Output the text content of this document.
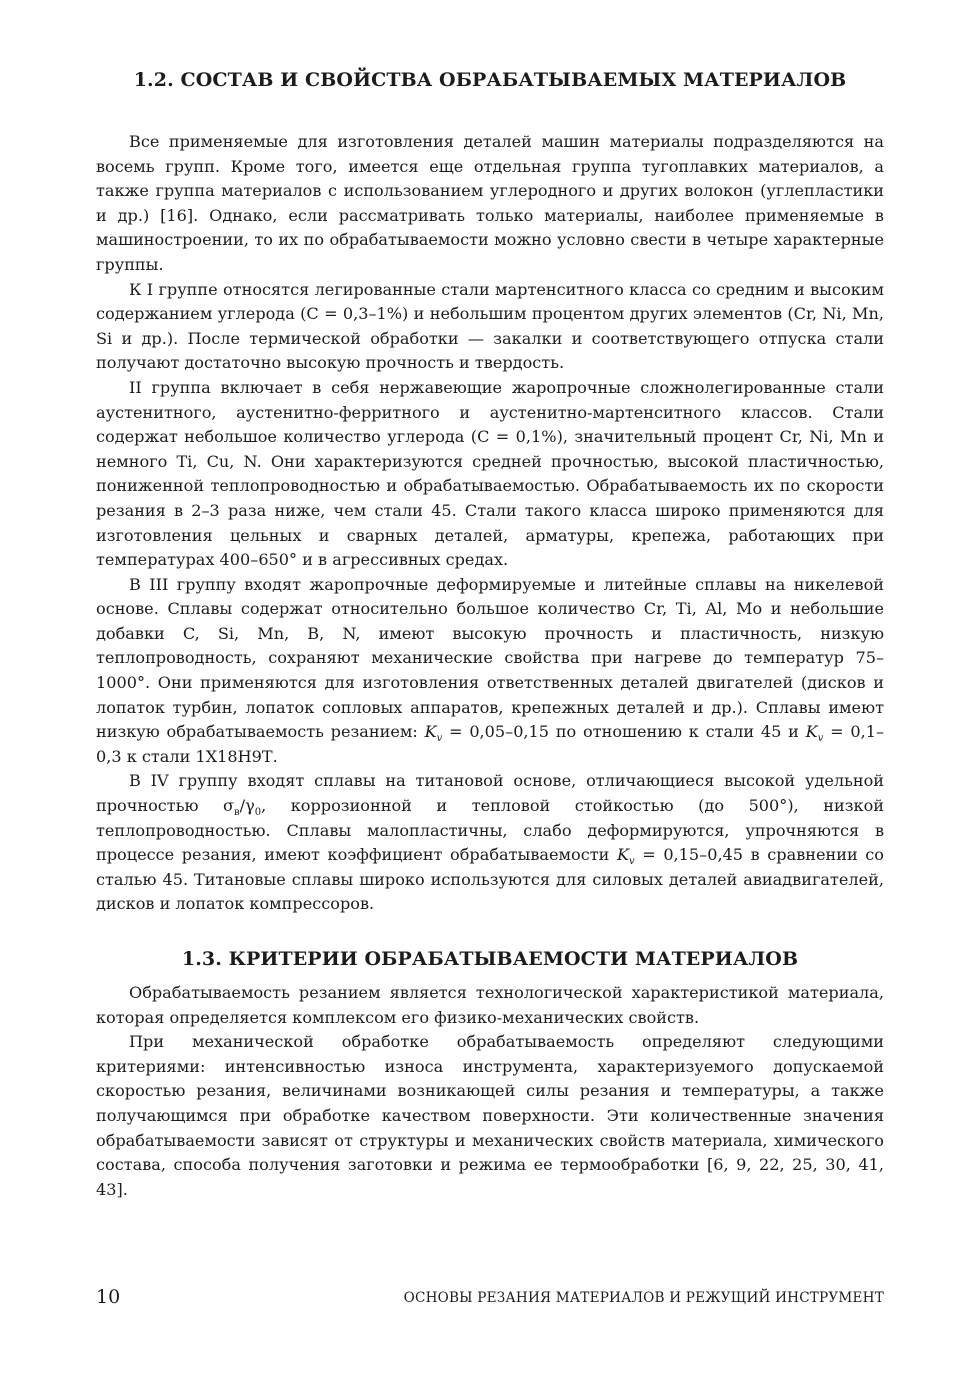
1.2. СОСТАВ И СВОЙСТВА ОБРАБАТЫВАЕМЫХ МАТЕРИАЛОВ

Все применяемые для изготовления деталей машин материалы подразделяются на восемь групп. Кроме того, имеется еще отдельная группа тугоплавких материалов, а также группа материалов с использованием углеродного и других волокон (углепластики и др.) [16]. Однако, если рассматривать только материалы, наиболее применяемые в машиностроении, то их по обрабатываемости можно условно свести в четыре характерные группы.

К I группе относятся легированные стали мартенситного класса со средним и высоким содержанием углерода (C = 0,3–1%) и небольшим процентом других элементов (Cr, Ni, Mn, Si и др.). После термической обработки — закалки и соответствующего отпуска стали получают достаточно высокую прочность и твердость.

II группа включает в себя нержавеющие жаропрочные сложнолегированные стали аустенитного, аустенитно-ферритного и аустенитно-мартенситного классов. Стали содержат небольшое количество углерода (C = 0,1%), значительный процент Cr, Ni, Mn и немного Ti, Cu, N. Они характеризуются средней прочностью, высокой пластичностью, пониженной теплопроводностью и обрабатываемостью. Обрабатываемость их по скорости резания в 2–3 раза ниже, чем стали 45. Стали такого класса широко применяются для изготовления цельных и сварных деталей, арматуры, крепежа, работающих при температурах 400–650° и в агрессивных средах.

В III группу входят жаропрочные деформируемые и литейные сплавы на никелевой основе. Сплавы содержат относительно большое количество Cr, Ti, Al, Mo и небольшие добавки C, Si, Mn, B, N, имеют высокую прочность и пластичность, низкую теплопроводность, сохраняют механические свойства при нагреве до температур 75–1000°. Они применяются для изготовления ответственных деталей двигателей (дисков и лопаток турбин, лопаток сопловых аппаратов, крепежных деталей и др.). Сплавы имеют низкую обрабатываемость резанием: $K_v = 0,05-0,15$ по отношению к стали 45 и $K_v = 0,1-0,3$ к стали 1Х18Н9Т.

В IV группу входят сплавы на титановой основе, отличающиеся высокой удельной прочностью $\sigma_в/\gamma_0$, коррозионной и тепловой стойкостью (до 500°), низкой теплопроводностью. Сплавы малопластичны, слабо деформируются, упрочняются в процессе резания, имеют коэффициент обрабатываемости $K_v = 0,15-0,45$ в сравнении со сталью 45. Титановые сплавы широко используются для силовых деталей авиадвигателей, дисков и лопаток компрессоров.

1.3. КРИТЕРИИ ОБРАБАТЫВАЕМОСТИ МАТЕРИАЛОВ

Обрабатываемость резанием является технологической характеристикой материала, которая определяется комплексом его физико-механических свойств.

При механической обработке обрабатываемость определяют следующими критериями: интенсивностью износа инструмента, характеризуемого допускаемой скоростью резания, величинами возникающей силы резания и температуры, а также получающимся при обработке качеством поверхности. Эти количественные значения обрабатываемости зависят от структуры и механических свойств материала, химического состава, способа получения заготовки и режима ее термообработки [6, 9, 22, 25, 30, 41, 43].

10	ОСНОВЫ РЕЗАНИЯ МАТЕРИАЛОВ И РЕЖУЩИЙ ИНСТРУМЕНТ
